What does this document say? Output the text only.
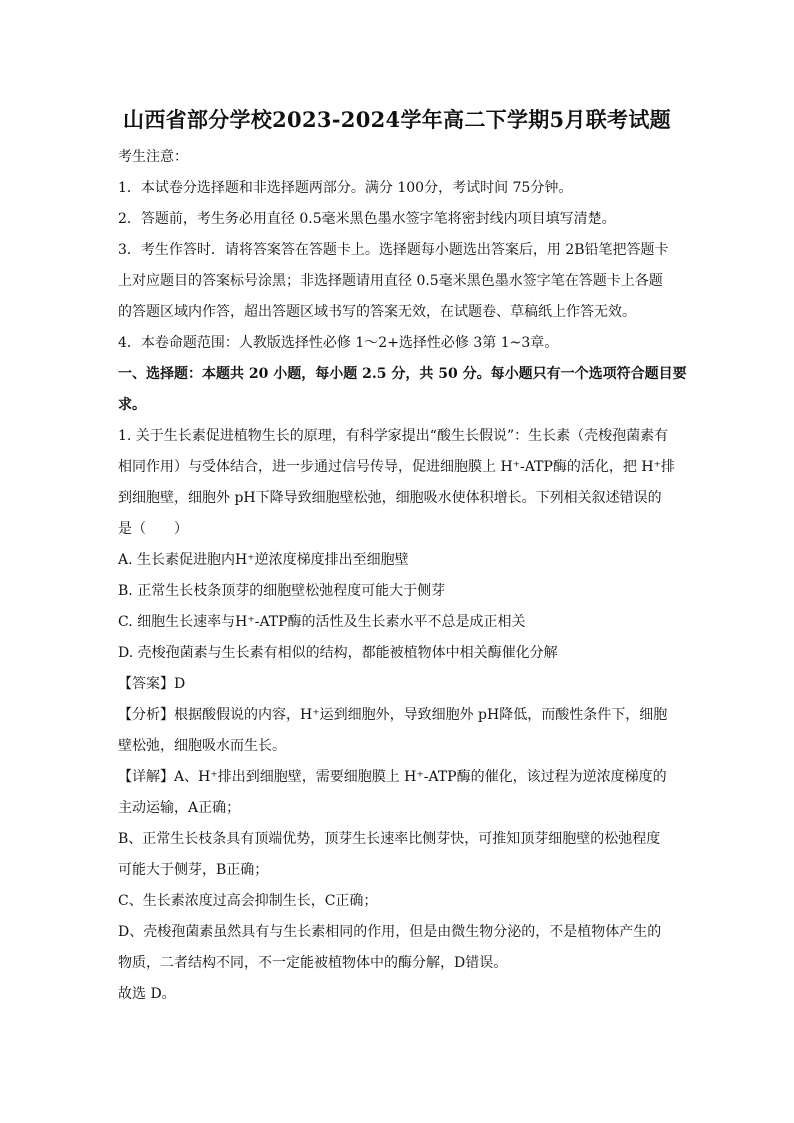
山西省部分学校2023-2024学年高二下学期5月联考试题
考生注意：
1．本试卷分选择题和非选择题两部分。满分 100分，考试时间 75分钟。
2．答题前，考生务必用直径 0.5毫米黑色墨水签字笔将密封线内项目填写清楚。
3．考生作答时．请将答案答在答题卡上。选择题每小题选出答案后，用 2B铅笔把答题卡
上对应题目的答案标号涂黑；非选择题请用直径 0.5毫米黑色墨水签字笔在答题卡上各题
的答题区域内作答，超出答题区域书写的答案无效，在试题卷、草稿纸上作答无效。
4．本卷命题范围：人教版选择性必修 1～2+选择性必修 3第 1~3章。
一、选择题：本题共 20 小题，每小题 2.5 分，共 50 分。每小题只有一个选项符合题目要
求。
1. 关于生长素促进植物生长的原理，有科学家提出“酸生长假说”：生长素（壳梭孢菌素有
相同作用）与受体结合，进一步通过信号传导，促进细胞膜上 H⁺-ATP酶的活化，把 H⁺排
到细胞壁，细胞外 pH下降导致细胞壁松弛，细胞吸水使体积增长。下列相关叙述错误的
是（　　）
A. 生长素促进胞内H⁺逆浓度梯度排出至细胞壁
B. 正常生长枝条顶芽的细胞壁松弛程度可能大于侧芽
C. 细胞生长速率与H⁺-ATP酶的活性及生长素水平不总是成正相关
D. 壳梭孢菌素与生长素有相似的结构，都能被植物体中相关酶催化分解
【答案】D
【分析】根据酸假说的内容，H⁺运到细胞外，导致细胞外 pH降低，而酸性条件下，细胞
壁松弛，细胞吸水而生长。
【详解】A、H⁺排出到细胞壁，需要细胞膜上 H⁺-ATP酶的催化，该过程为逆浓度梯度的
主动运输，A正确；
B、正常生长枝条具有顶端优势，顶芽生长速率比侧芽快，可推知顶芽细胞壁的松弛程度
可能大于侧芽，B正确；
C、生长素浓度过高会抑制生长，C正确；
D、壳梭孢菌素虽然具有与生长素相同的作用，但是由微生物分泌的，不是植物体产生的
物质，二者结构不同，不一定能被植物体中的酶分解，D错误。
故选 D。
